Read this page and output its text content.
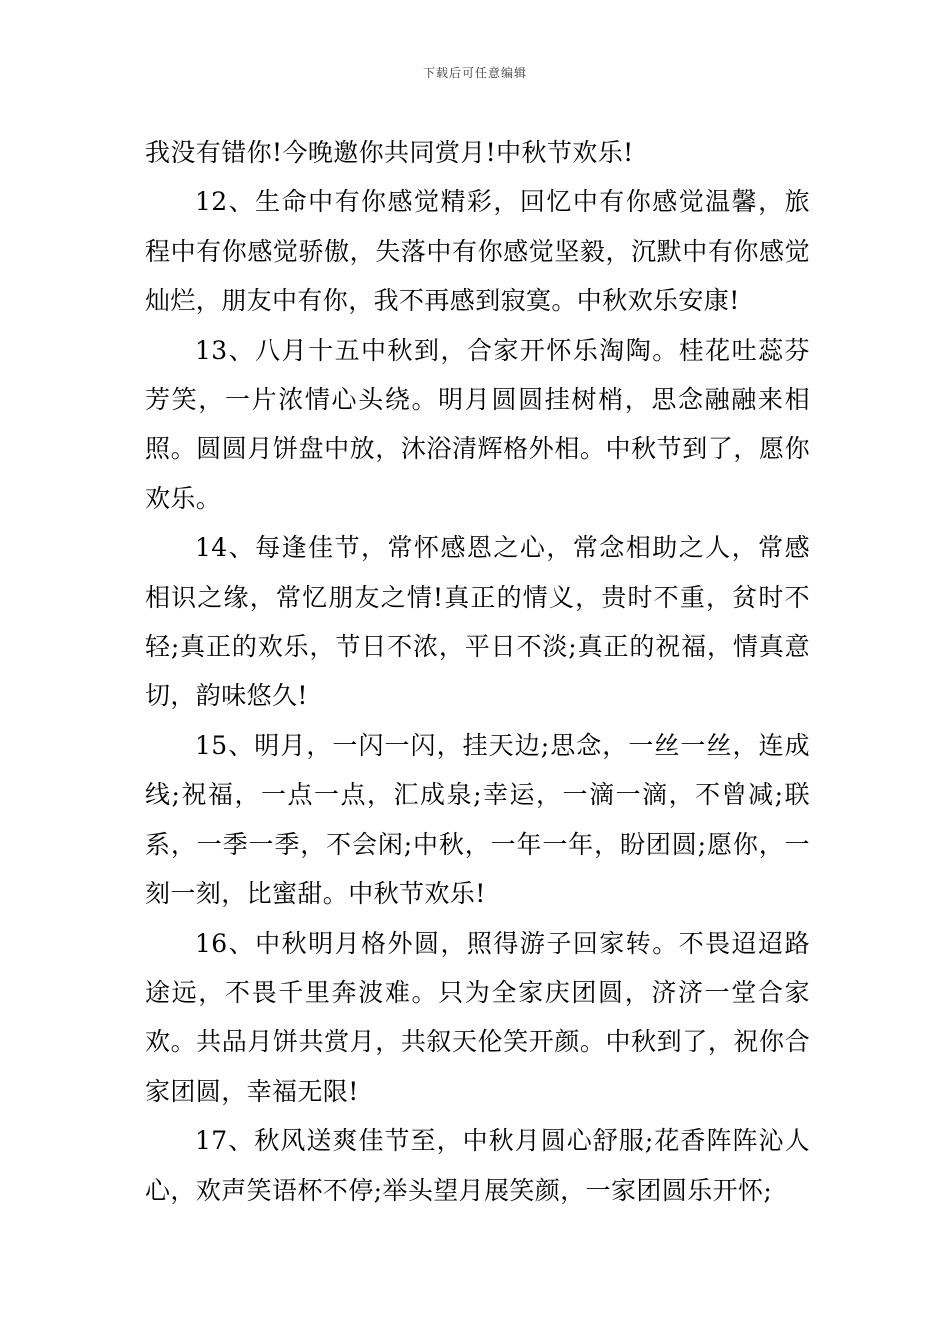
下载后可任意编辑

我没有错你!今晚邀你共同赏月!中秋节欢乐!

12、生命中有你感觉精彩，回忆中有你感觉温馨，旅程中有你感觉骄傲，失落中有你感觉坚毅，沉默中有你感觉灿烂，朋友中有你，我不再感到寂寞。中秋欢乐安康!

13、八月十五中秋到，合家开怀乐淘陶。桂花吐蕊芬芳笑，一片浓情心头绕。明月圆圆挂树梢，思念融融来相照。圆圆月饼盘中放，沐浴清辉格外相。中秋节到了，愿你欢乐。

14、每逢佳节，常怀感恩之心，常念相助之人，常感相识之缘，常忆朋友之情!真正的情义，贵时不重，贫时不轻;真正的欢乐，节日不浓，平日不淡;真正的祝福，情真意切，韵味悠久!

15、明月，一闪一闪，挂天边;思念，一丝一丝，连成线;祝福，一点一点，汇成泉;幸运，一滴一滴，不曾减;联系，一季一季，不会闲;中秋，一年一年，盼团圆;愿你，一刻一刻，比蜜甜。中秋节欢乐!

16、中秋明月格外圆，照得游子回家转。不畏迢迢路途远，不畏千里奔波难。只为全家庆团圆，济济一堂合家欢。共品月饼共赏月，共叙天伦笑开颜。中秋到了，祝你合家团圆，幸福无限!

17、秋风送爽佳节至，中秋月圆心舒服;花香阵阵沁人心，欢声笑语杯不停;举头望月展笑颜，一家团圆乐开怀;
